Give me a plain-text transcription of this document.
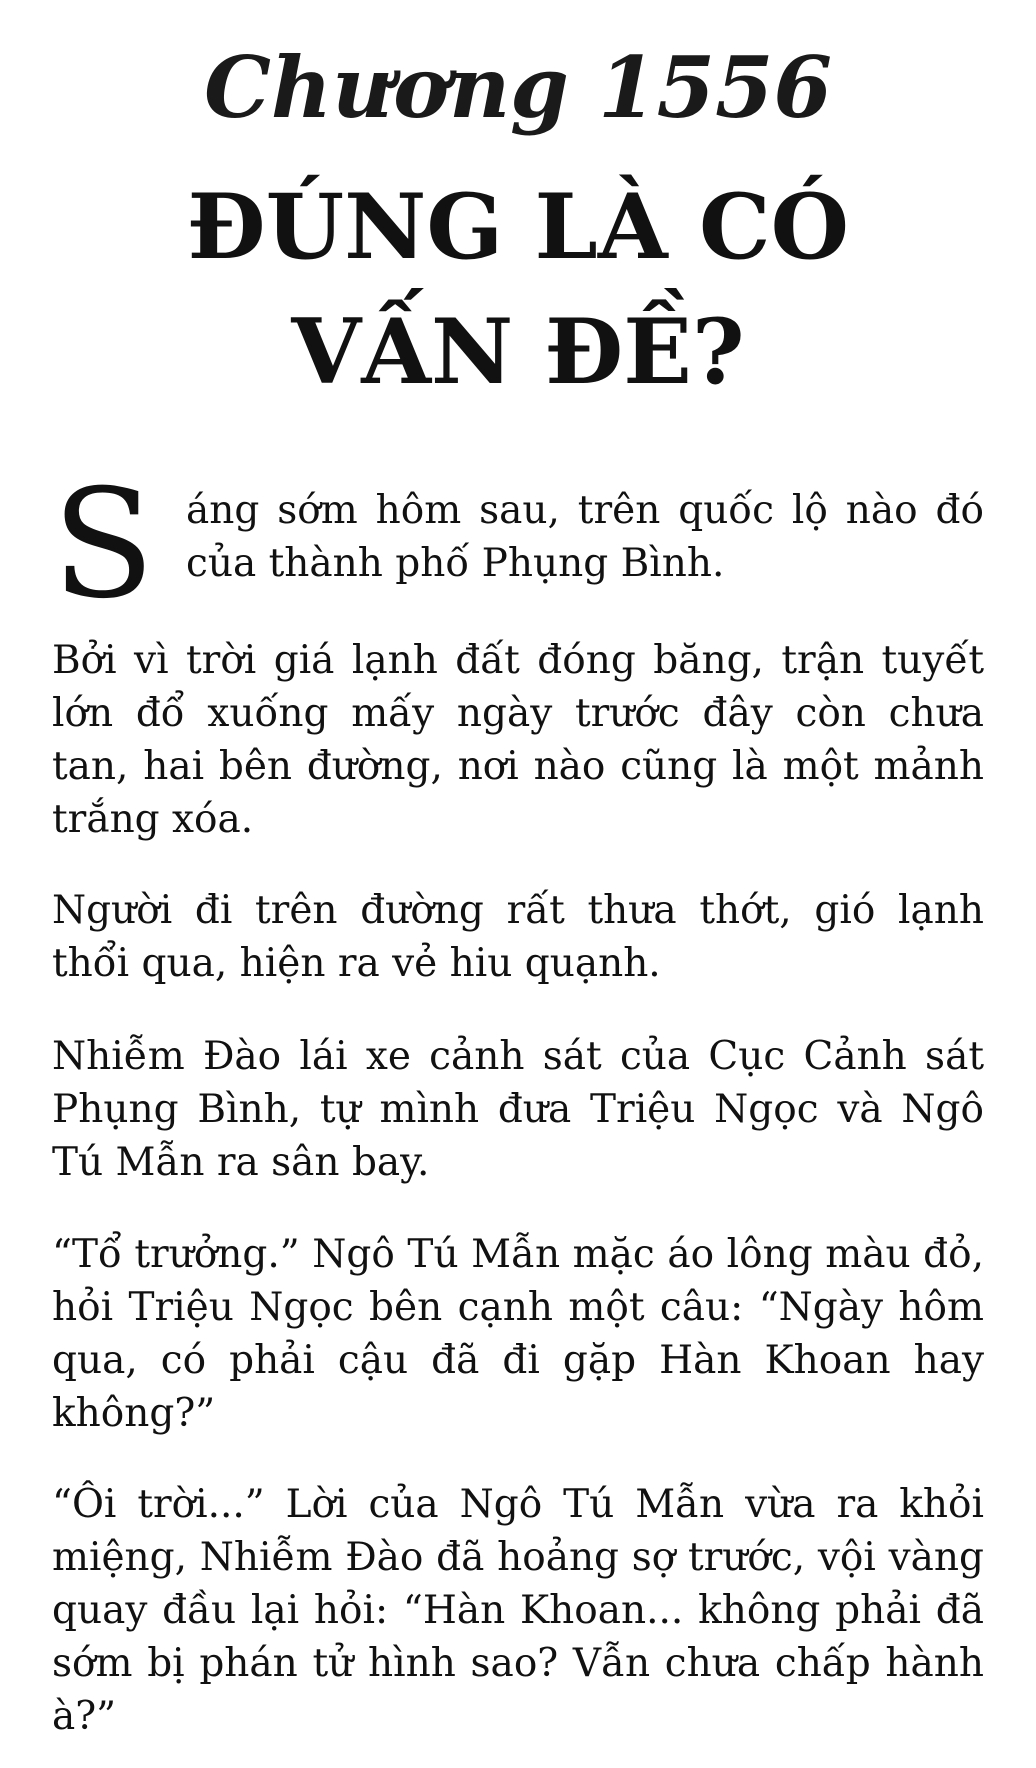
Chương 1556
ĐÚNG LÀ CÓ VẤN ĐỀ?
S áng sớm hôm sau, trên quốc lộ nào đó của thành phố Phụng Bình.

Bởi vì trời giá lạnh đất đóng băng, trận tuyết lớn đổ xuống mấy ngày trước đây còn chưa tan, hai bên đường, nơi nào cũng là một mảnh trắng xóa.

Người đi trên đường rất thưa thớt, gió lạnh thổi qua, hiện ra vẻ hiu quạnh.

Nhiễm Đào lái xe cảnh sát của Cục Cảnh sát Phụng Bình, tự mình đưa Triệu Ngọc và Ngô Tú Mẫn ra sân bay.

“Tổ trưởng.” Ngô Tú Mẫn mặc áo lông màu đỏ, hỏi Triệu Ngọc bên cạnh một câu: “Ngày hôm qua, có phải cậu đã đi gặp Hàn Khoan hay không?”

“Ôi trời...” Lời của Ngô Tú Mẫn vừa ra khỏi miệng, Nhiễm Đào đã hoảng sợ trước, vội vàng quay đầu lại hỏi: “Hàn Khoan... không phải đã sớm bị phán tử hình sao? Vẫn chưa chấp hành à?”
